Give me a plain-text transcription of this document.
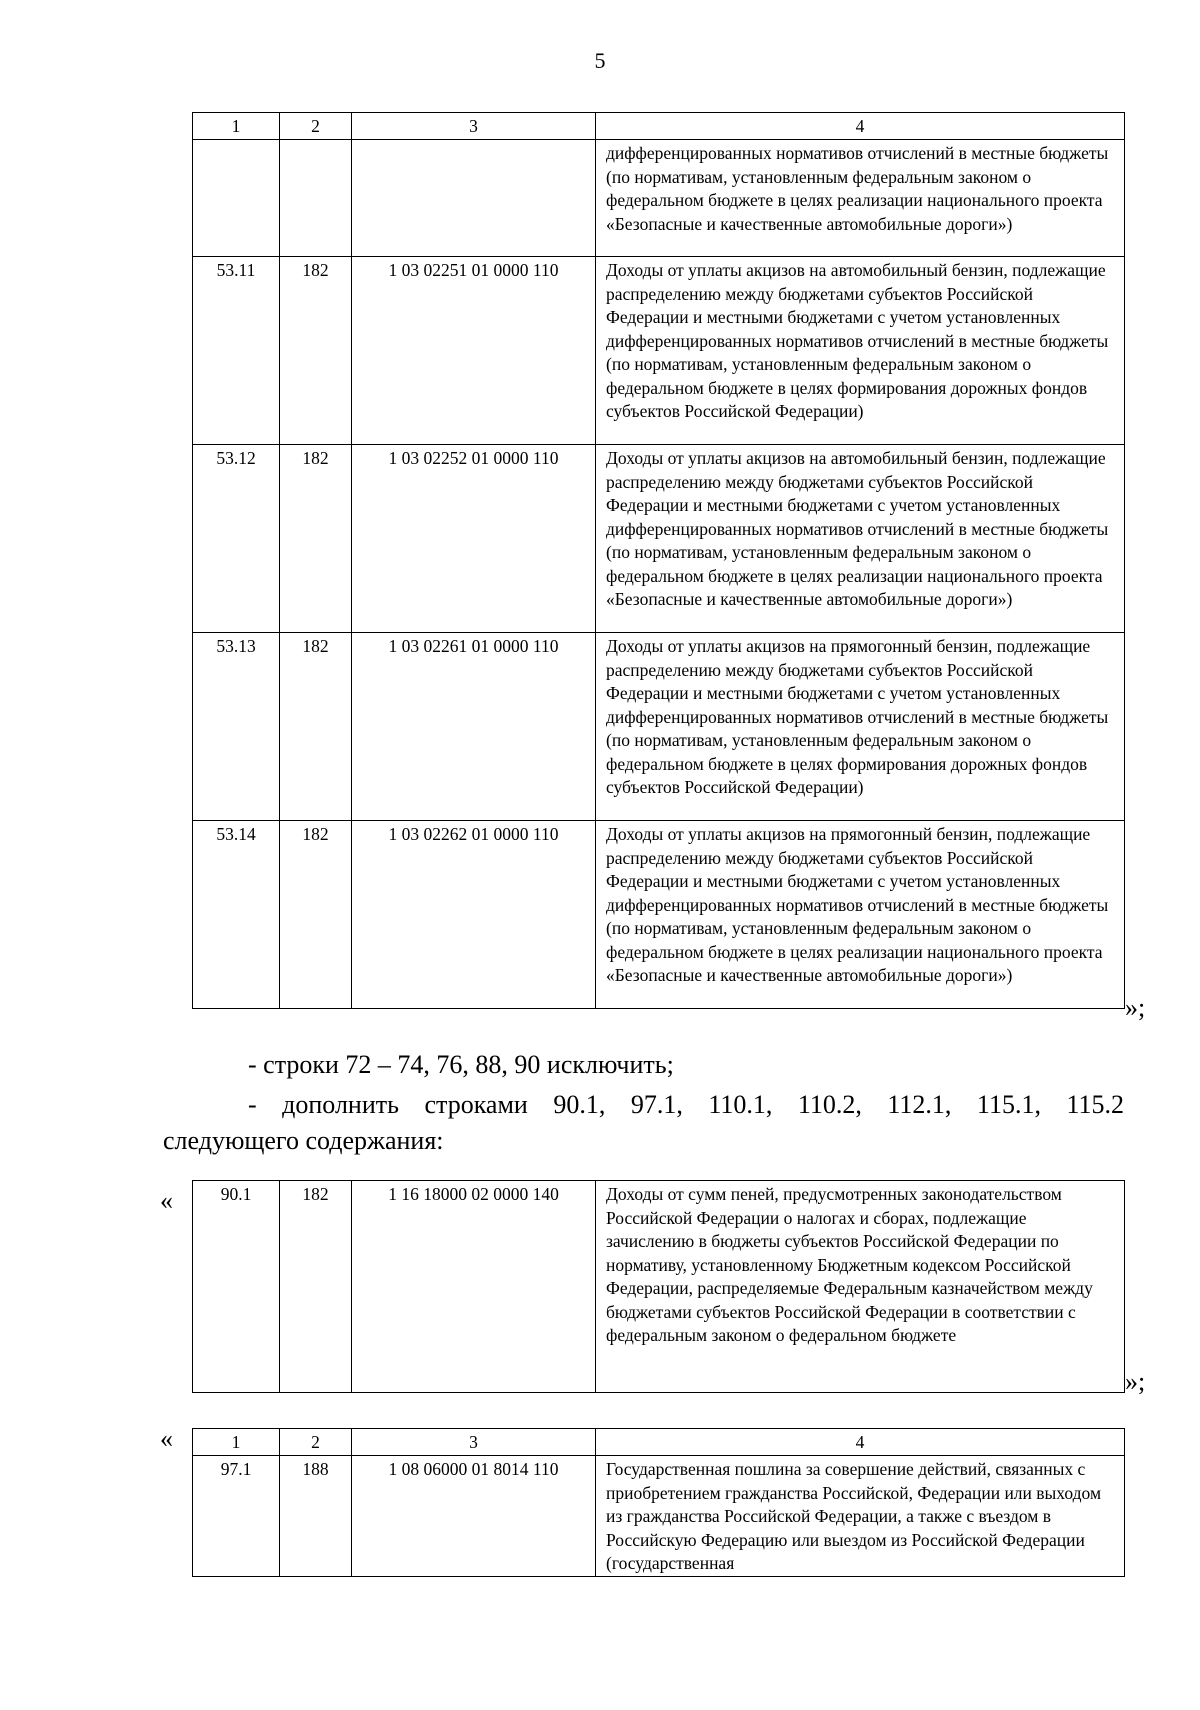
5
1	2	3	4
			дифференцированных нормативов отчислений в местные бюджеты (по нормативам, установленным федеральным законом о федеральном бюджете в целях реализации национального проекта «Безопасные и качественные автомобильные дороги»)
53.11	182	1 03 02251 01 0000 110	Доходы от уплаты акцизов на автомобильный бензин, подлежащие распределению между бюджетами субъектов Российской Федерации и местными бюджетами с учетом установленных дифференцированных нормативов отчислений в местные бюджеты (по нормативам, установленным федеральным законом о федеральном бюджете в целях формирования дорожных фондов субъектов Российской Федерации)
53.12	182	1 03 02252 01 0000 110	Доходы от уплаты акцизов на автомобильный бензин, подлежащие распределению между бюджетами субъектов Российской Федерации и местными бюджетами с учетом установленных дифференцированных нормативов отчислений в местные бюджеты (по нормативам, установленным федеральным законом о федеральном бюджете в целях реализации национального проекта «Безопасные и качественные автомобильные дороги»)
53.13	182	1 03 02261 01 0000 110	Доходы от уплаты акцизов на прямогонный бензин, подлежащие распределению между бюджетами субъектов Российской Федерации и местными бюджетами с учетом установленных дифференцированных нормативов отчислений в местные бюджеты (по нормативам, установленным федеральным законом о федеральном бюджете в целях формирования дорожных фондов субъектов Российской Федерации)
53.14	182	1 03 02262 01 0000 110	Доходы от уплаты акцизов на прямогонный бензин, подлежащие распределению между бюджетами субъектов Российской Федерации и местными бюджетами с учетом установленных дифференцированных нормативов отчислений в местные бюджеты (по нормативам, установленным федеральным законом о федеральном бюджете в целях реализации национального проекта «Безопасные и качественные автомобильные дороги»)
»;
- строки 72 – 74, 76, 88, 90 исключить;
- дополнить строками 90.1, 97.1, 110.1, 110.2, 112.1, 115.1, 115.2
следующего содержания:
«	90.1	182	1 16 18000 02 0000 140	Доходы от сумм пеней, предусмотренных законодательством Российской Федерации о налогах и сборах, подлежащие зачислению в бюджеты субъектов Российской Федерации по нормативу, установленному Бюджетным кодексом Российской Федерации, распределяемые Федеральным казначейством между бюджетами субъектов Российской Федерации в соответствии с федеральным законом о федеральном бюджете
»;
«	1	2	3	4
97.1	188	1 08 06000 01 8014 110	Государственная пошлина за совершение действий, связанных с приобретением гражданства Российской, Федерации или выходом из гражданства Российской Федерации, а также с въездом в Российскую Федерацию или выездом из Российской Федерации (государственная
